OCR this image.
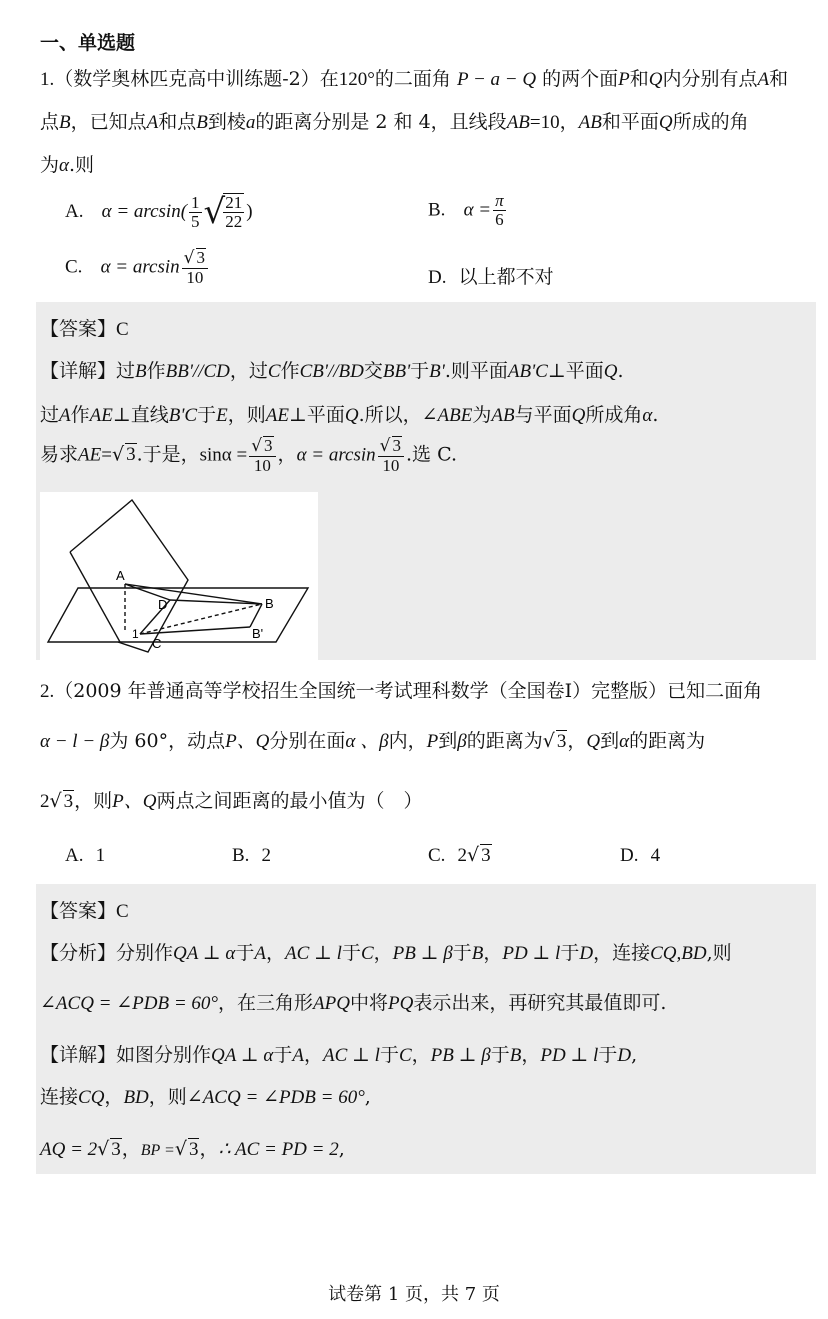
一、单选题
1.（数学奥林匹克高中训练题-2）在120°的二面角 P − a − Q 的两个面P和Q内分别有点A和
点B，已知点A和点B到棱a的距离分别是 2 和 4，且线段AB=10，AB和平面Q所成的角
为α.则
A. $\alpha = \arcsin( \frac{1}{5}$ √
$\frac{21}{22}$ )	B. $\alpha = \frac{\pi}{6}$
C. $\alpha = \arcsin \frac{√ 3}{10}$	D. 以上都不对
【答案】C
【详解】过B作BB'//CD，过C作CB'//BD交BB'于B'.则平面AB'C⊥平面Q.
过A作AE⊥直线B'C于E，则AE⊥平面Q.所以，∠ABE为AB与平面Q所成角α.
易求AE=√ 3.于是，$\sin\alpha = \frac{√ 3}{10}$ ，$\alpha = \arcsin \frac{√ 3}{10}$ .选 C.
A
D	B
B'
C
1
2.（2009 年普通高等学校招生全国统一考试理科数学（全国卷Ⅰ）完整版）已知二面角
α − l − β为 60°，动点P、Q分别在面α 、β内，P到β的距离为√ 3，Q到α的距离为
2√ 3，则P、Q两点之间距离的最小值为（　）
A. 1	B. 2	C. 2√ 3	D. 4
【答案】C
【分析】分别作QA ⊥ α于A，AC ⊥ l于C，PB ⊥ β于B，PD ⊥ l于D，连接CQ,BD,则
∠ACQ = ∠PDB = 60°，在三角形APQ中将PQ表示出来，再研究其最值即可.
【详解】如图分别作QA ⊥ α于A，AC ⊥ l于C，PB ⊥ β于B，PD ⊥ l于D,
连接CQ，BD，则∠ACQ = ∠PDB = 60°,
AQ = 2√ 3，BP =√ 3，∴ AC = PD = 2,
试卷第 1 页，共 7 页
